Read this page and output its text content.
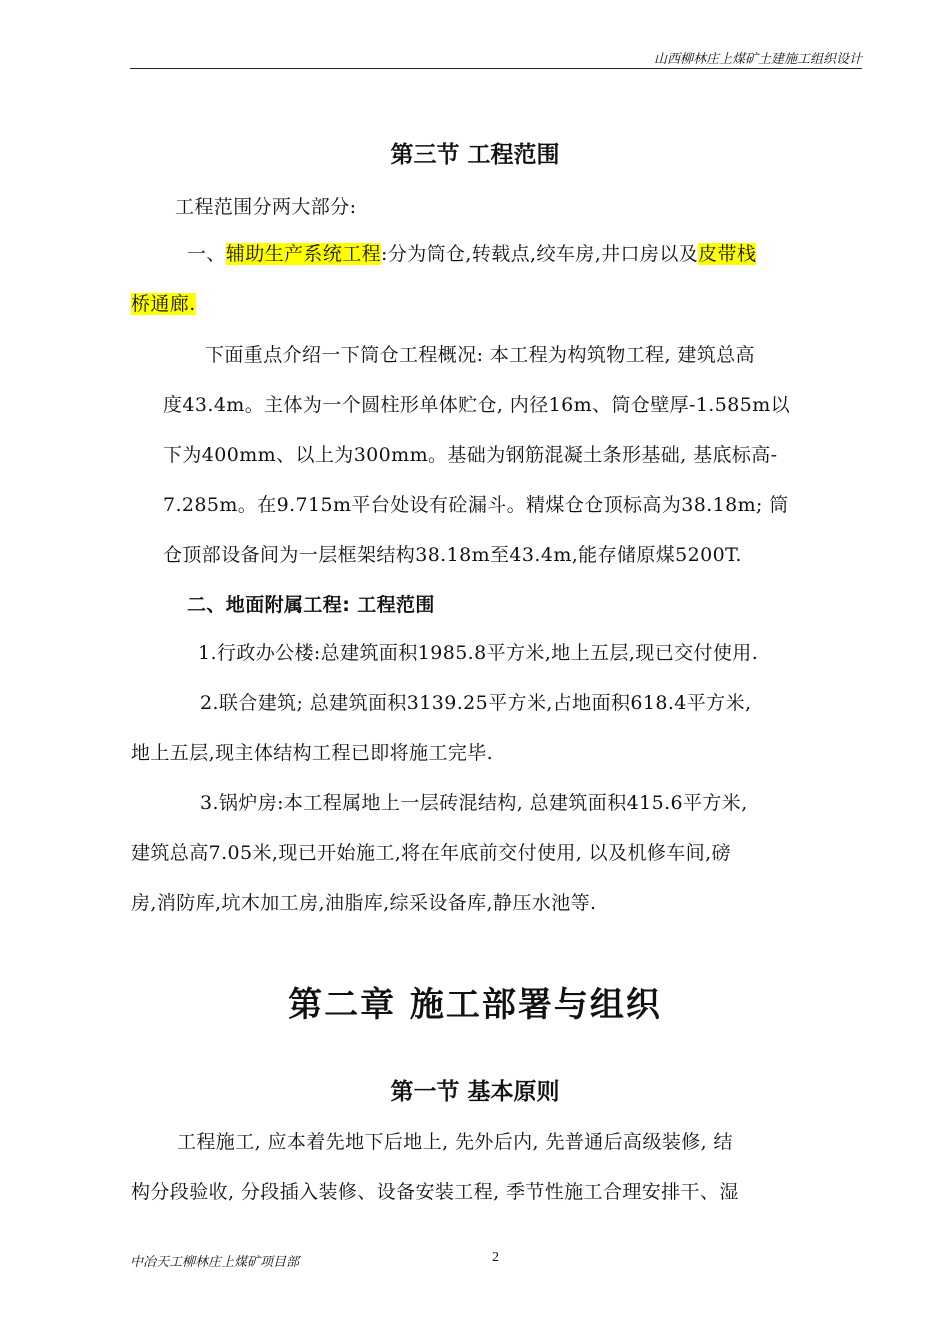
山西柳林庄上煤矿土建施工组织设计
第三节 工程范围
工程范围分两大部分:
一、辅助生产系统工程:分为筒仓,转载点,绞车房,井口房以及皮带栈
桥通廊.
下面重点介绍一下筒仓工程概况: 本工程为构筑物工程, 建筑总高
度43.4m。主体为一个圆柱形单体贮仓, 内径16m、筒仓壁厚-1.585m以
下为400mm、以上为300mm。基础为钢筋混凝土条形基础, 基底标高-
7.285m。在9.715m平台处设有砼漏斗。精煤仓仓顶标高为38.18m; 筒
仓顶部设备间为一层框架结构38.18m至43.4m,能存储原煤5200T.
二、地面附属工程: 工程范围
1.行政办公楼:总建筑面积1985.8平方米,地上五层,现已交付使用.
2.联合建筑; 总建筑面积3139.25平方米,占地面积618.4平方米,
地上五层,现主体结构工程已即将施工完毕.
3.锅炉房:本工程属地上一层砖混结构, 总建筑面积415.6平方米,
建筑总高7.05米,现已开始施工,将在年底前交付使用, 以及机修车间,磅
房,消防库,坑木加工房,油脂库,综采设备库,静压水池等.
第二章 施工部署与组织
第一节 基本原则
工程施工, 应本着先地下后地上, 先外后内, 先普通后高级装修, 结
构分段验收, 分段插入装修、设备安装工程, 季节性施工合理安排干、湿
中冶天工柳林庄上煤矿项目部	2
